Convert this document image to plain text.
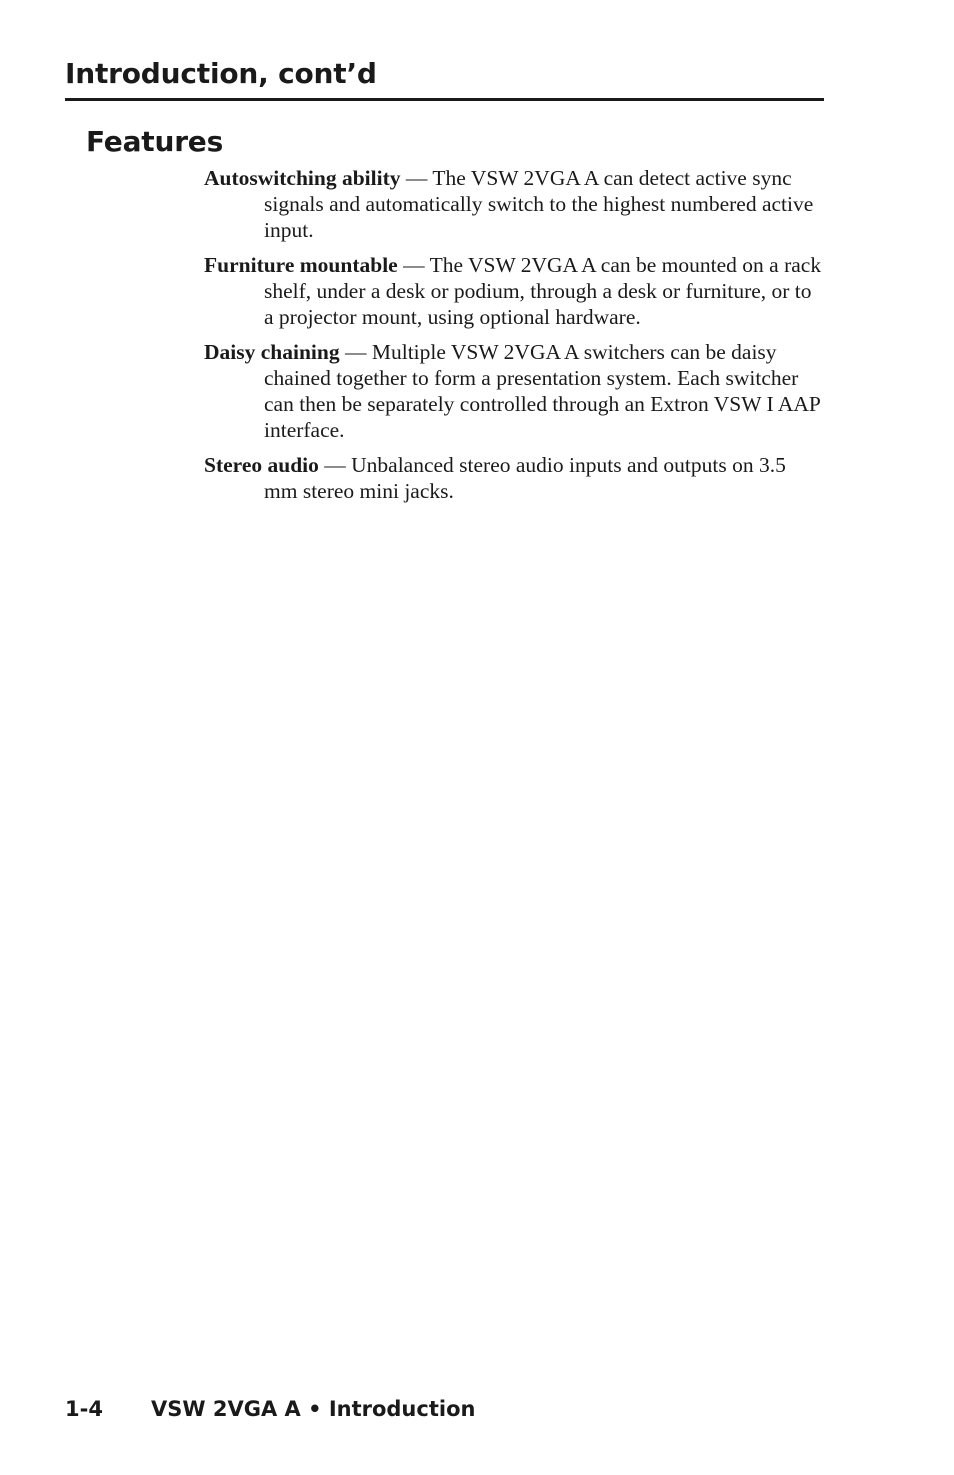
Introduction, cont’d
Features
Autoswitching ability — The VSW 2VGA A can detect active sync signals and automatically switch to the highest numbered active input.
Furniture mountable — The VSW 2VGA A can be mounted on a rack shelf, under a desk or podium, through a desk or furniture, or to a projector mount, using optional hardware.
Daisy chaining — Multiple VSW 2VGA A switchers can be daisy chained together to form a presentation system. Each switcher can then be separately controlled through an Extron VSW I AAP interface.
Stereo audio — Unbalanced stereo audio inputs and outputs on 3.5 mm stereo mini jacks.
1-4 VSW 2VGA A • Introduction
